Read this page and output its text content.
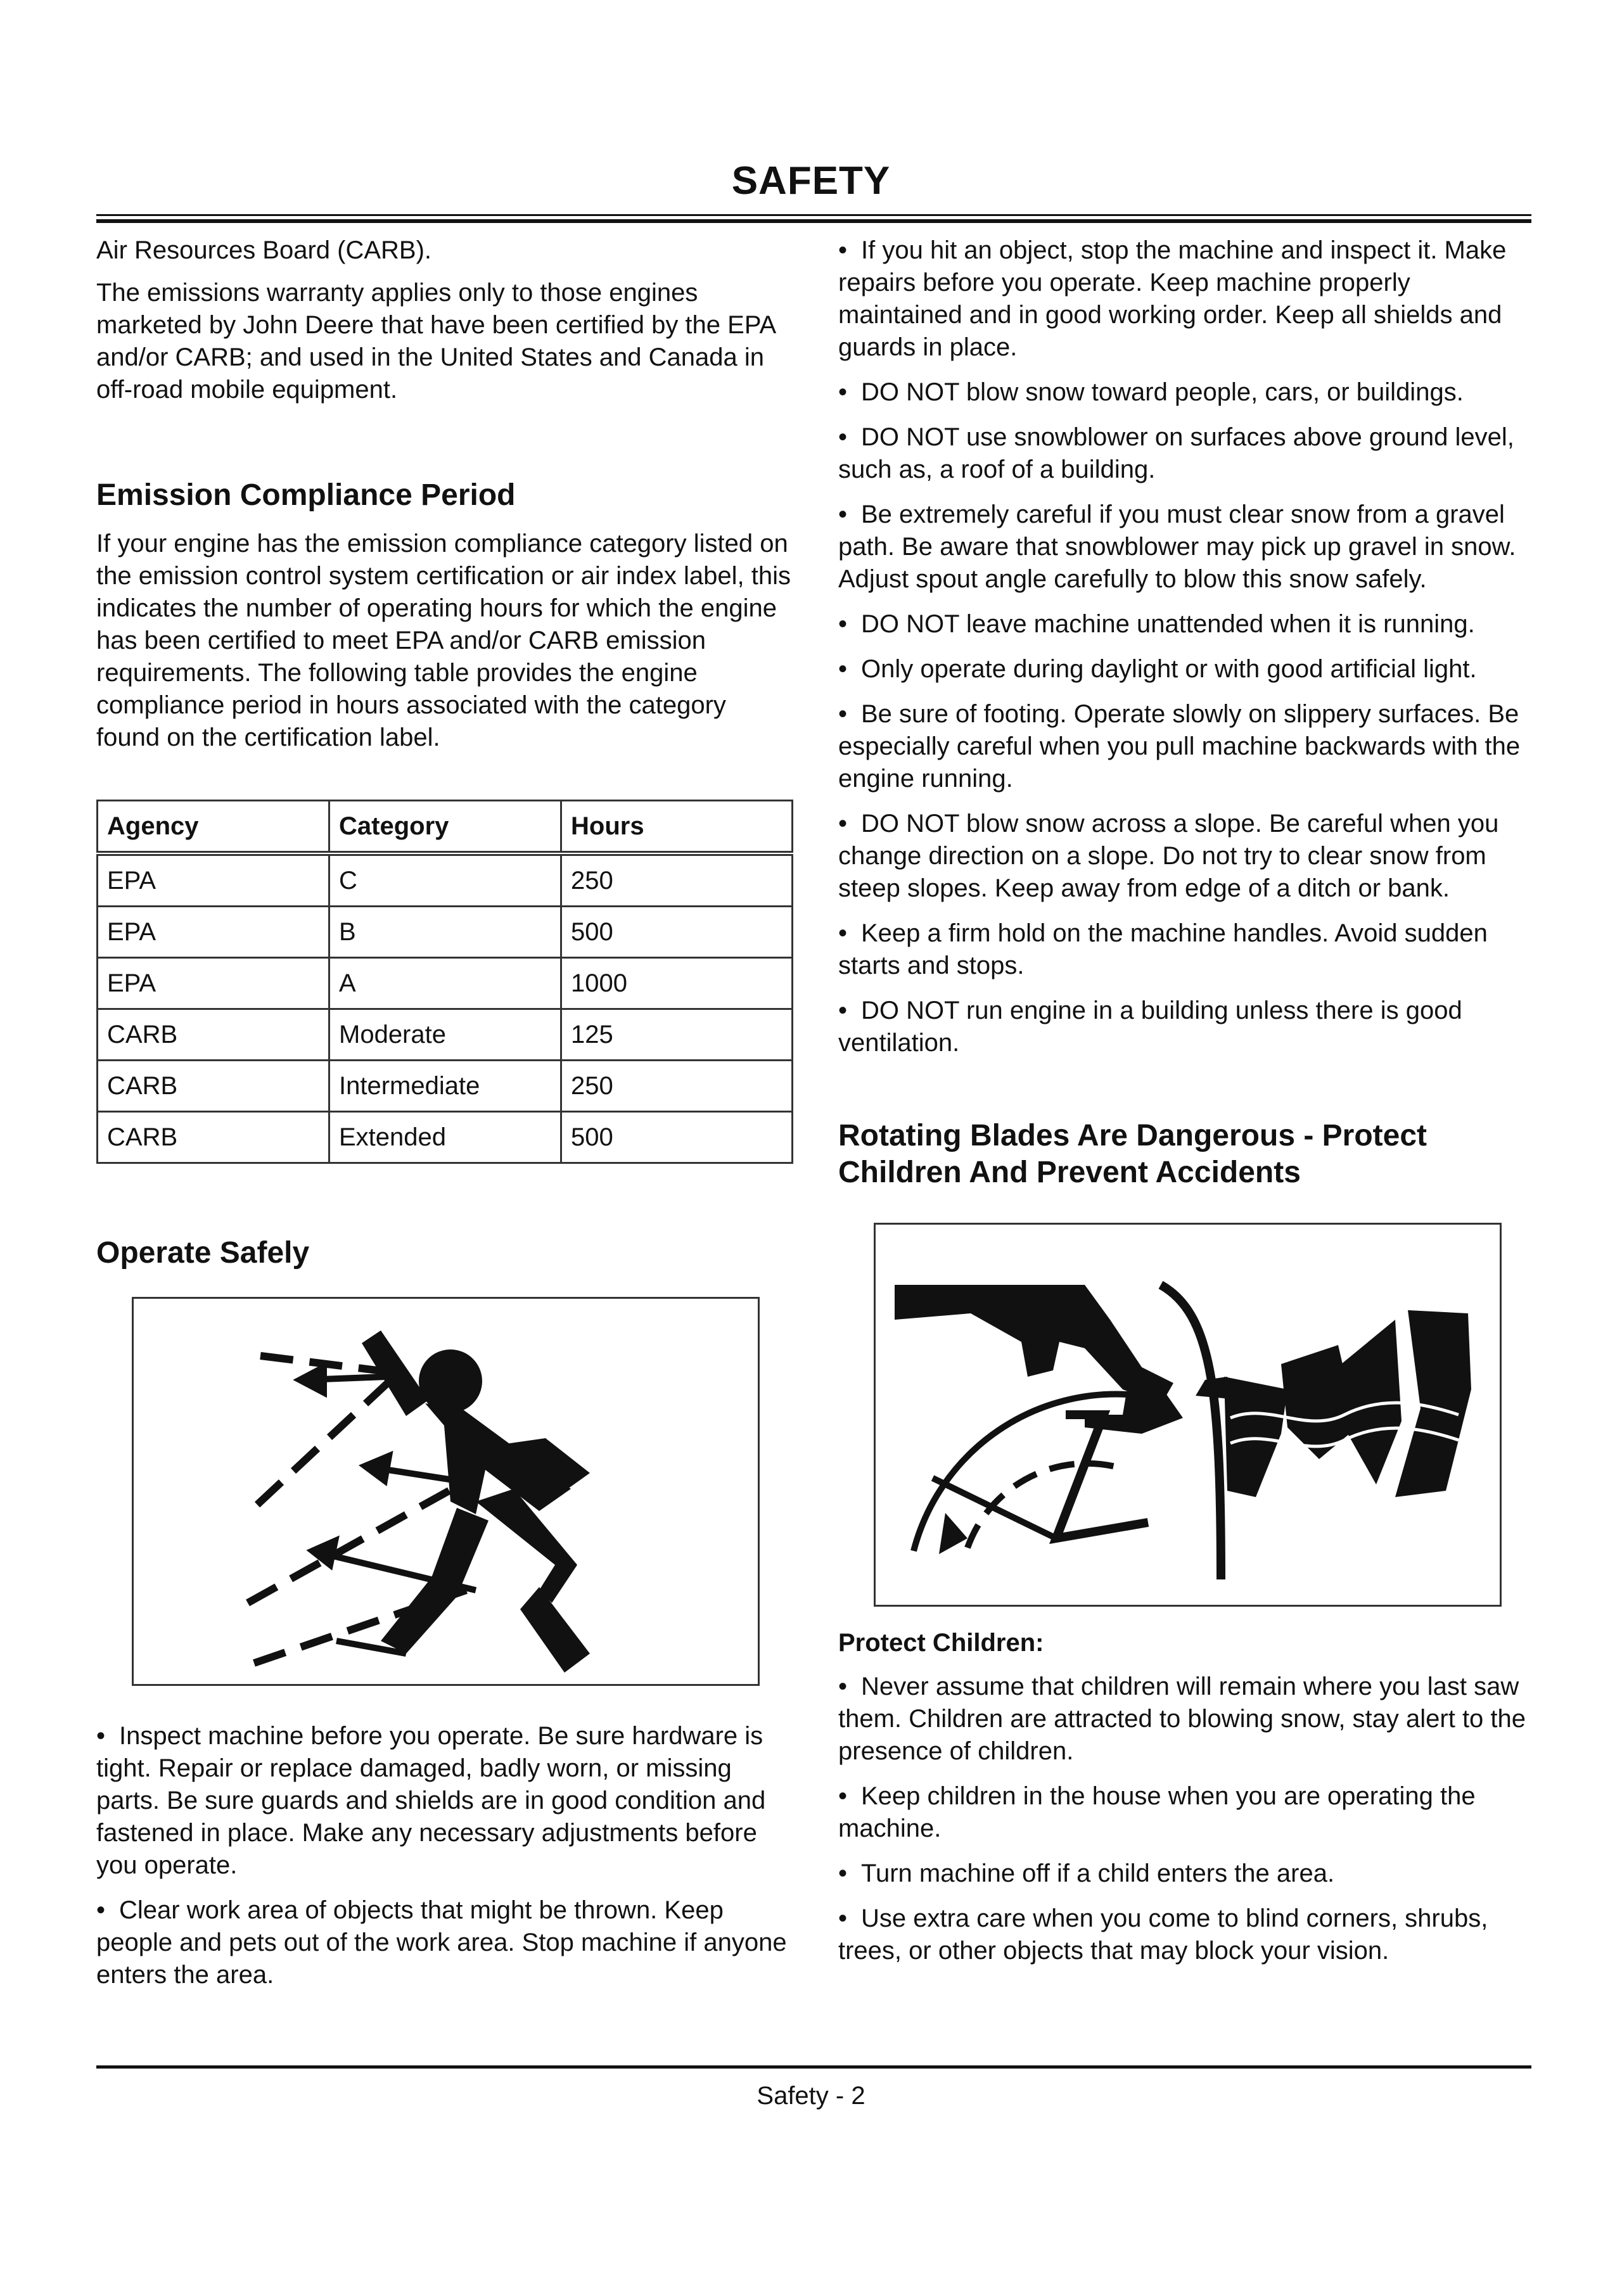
SAFETY

Air Resources Board (CARB).

The emissions warranty applies only to those engines marketed by John Deere that have been certified by the EPA and/or CARB; and used in the United States and Canada in off-road mobile equipment.

Emission Compliance Period

If your engine has the emission compliance category listed on the emission control system certification or air index label, this indicates the number of operating hours for which the engine has been certified to meet EPA and/or CARB emission requirements. The following table provides the engine compliance period in hours associated with the category found on the certification label.

Agency	Category	Hours
EPA	C	250
EPA	B	500
EPA	A	1000
CARB	Moderate	125
CARB	Intermediate	250
CARB	Extended	500
Operate Safely
• Inspect machine before you operate. Be sure hardware is tight. Repair or replace damaged, badly worn, or missing parts. Be sure guards and shields are in good condition and fastened in place. Make any necessary adjustments before you operate.
• Clear work area of objects that might be thrown. Keep people and pets out of the work area. Stop machine if anyone enters the area.
• If you hit an object, stop the machine and inspect it. Make repairs before you operate. Keep machine properly maintained and in good working order. Keep all shields and guards in place.
• DO NOT blow snow toward people, cars, or buildings.
• DO NOT use snowblower on surfaces above ground level, such as, a roof of a building.
• Be extremely careful if you must clear snow from a gravel path. Be aware that snowblower may pick up gravel in snow. Adjust spout angle carefully to blow this snow safely.
• DO NOT leave machine unattended when it is running.
• Only operate during daylight or with good artificial light.
• Be sure of footing. Operate slowly on slippery surfaces. Be especially careful when you pull machine backwards with the engine running.
• DO NOT blow snow across a slope. Be careful when you change direction on a slope. Do not try to clear snow from steep slopes. Keep away from edge of a ditch or bank.
• Keep a firm hold on the machine handles. Avoid sudden starts and stops.
• DO NOT run engine in a building unless there is good ventilation.
Rotating Blades Are Dangerous - Protect Children And Prevent Accidents
Protect Children:
• Never assume that children will remain where you last saw them. Children are attracted to blowing snow, stay alert to the presence of children.
• Keep children in the house when you are operating the machine.
• Turn machine off if a child enters the area.
• Use extra care when you come to blind corners, shrubs, trees, or other objects that may block your vision.
Safety - 2
